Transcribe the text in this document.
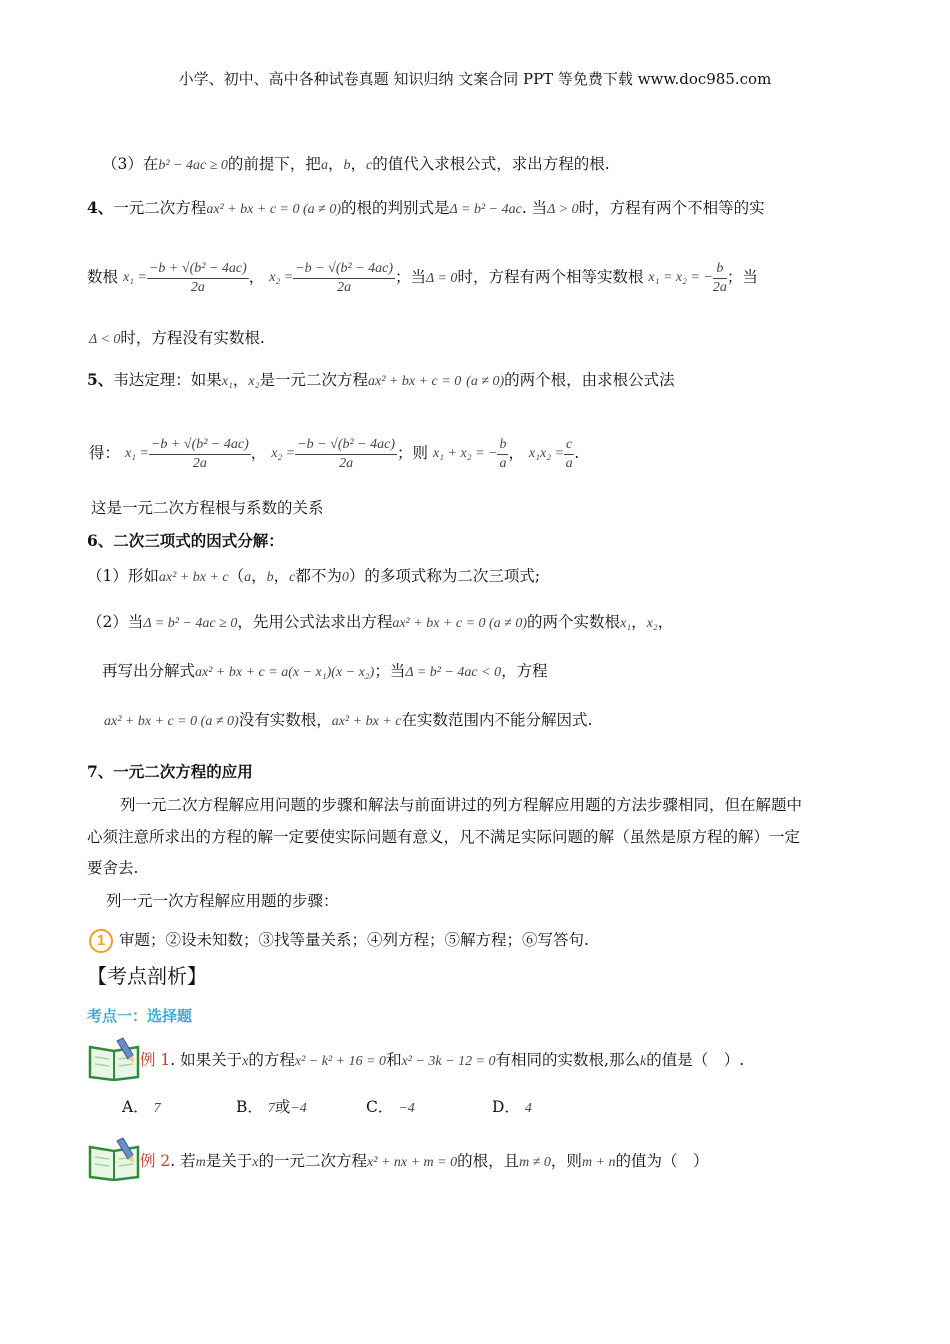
小学、初中、高中各种试卷真题 知识归纳 文案合同 PPT 等免费下载 www.doc985.com
（3）在b² − 4ac ≥ 0的前提下，把a，b，c的值代入求根公式，求出方程的根.
4、一元二次方程ax² + bx + c = 0 (a ≠ 0)的根的判别式是Δ = b² − 4ac. 当Δ > 0时，方程有两个不相等的实
数根 $x_1 = \frac{\text{−b + √(b² − 4ac)}}{2a}$ ， $x_2 = \frac{\text{−b − √(b² − 4ac)}}{2a}$ ；当Δ = 0时，方程有两个相等实数根 x₁ = x₂ = − $\frac{b}{2a}$ ；当
Δ < 0时，方程没有实数根.
5、韦达定理：如果x₁，x₂是一元二次方程ax² + bx + c = 0 (a ≠ 0)的两个根，由求根公式法
得： $x_1 = \frac{\text{−b + √(b² − 4ac)}}{2a}$ ， $x_2 = \frac{\text{−b − √(b² − 4ac)}}{2a}$ ；则 x₁ + x₂ = − $\frac{b}{a}$ ， $x_1x_2 = \frac{c}{a}$ .
这是一元二次方程根与系数的关系
6、二次三项式的因式分解：
（1）形如ax² + bx + c（a，b，c都不为0）的多项式称为二次三项式;
（2）当Δ = b² − 4ac ≥ 0，先用公式法求出方程ax² + bx + c = 0 (a ≠ 0)的两个实数根x₁，x₂，
再写出分解式ax² + bx + c = a(x − x₁)(x − x₂)；当Δ = b² − 4ac < 0，方程
ax² + bx + c = 0 (a ≠ 0)没有实数根，ax² + bx + c在实数范围内不能分解因式.
7、一元二次方程的应用
列一元二次方程解应用问题的步骤和解法与前面讲过的列方程解应用题的方法步骤相同，但在解题中
心须注意所求出的方程的解一定要使实际问题有意义，凡不满足实际问题的解（虽然是原方程的解）一定
要舍去.
列一元一次方程解应用题的步骤：
1 审题；②设未知数；③找等量关系；④列方程；⑤解方程；⑥写答句.
【考点剖析】
考点一：选择题
例 1. 如果关于x的方程x² − k² + 16 = 0和x² − 3k − 12 = 0有相同的实数根,那么k的值是（　）.
A． 7	B． 7或−4	C． −4	D． 4
例 2. 若m是关于x的一元二次方程x² + nx + m = 0的根，且m ≠ 0，则m + n的值为（　）
